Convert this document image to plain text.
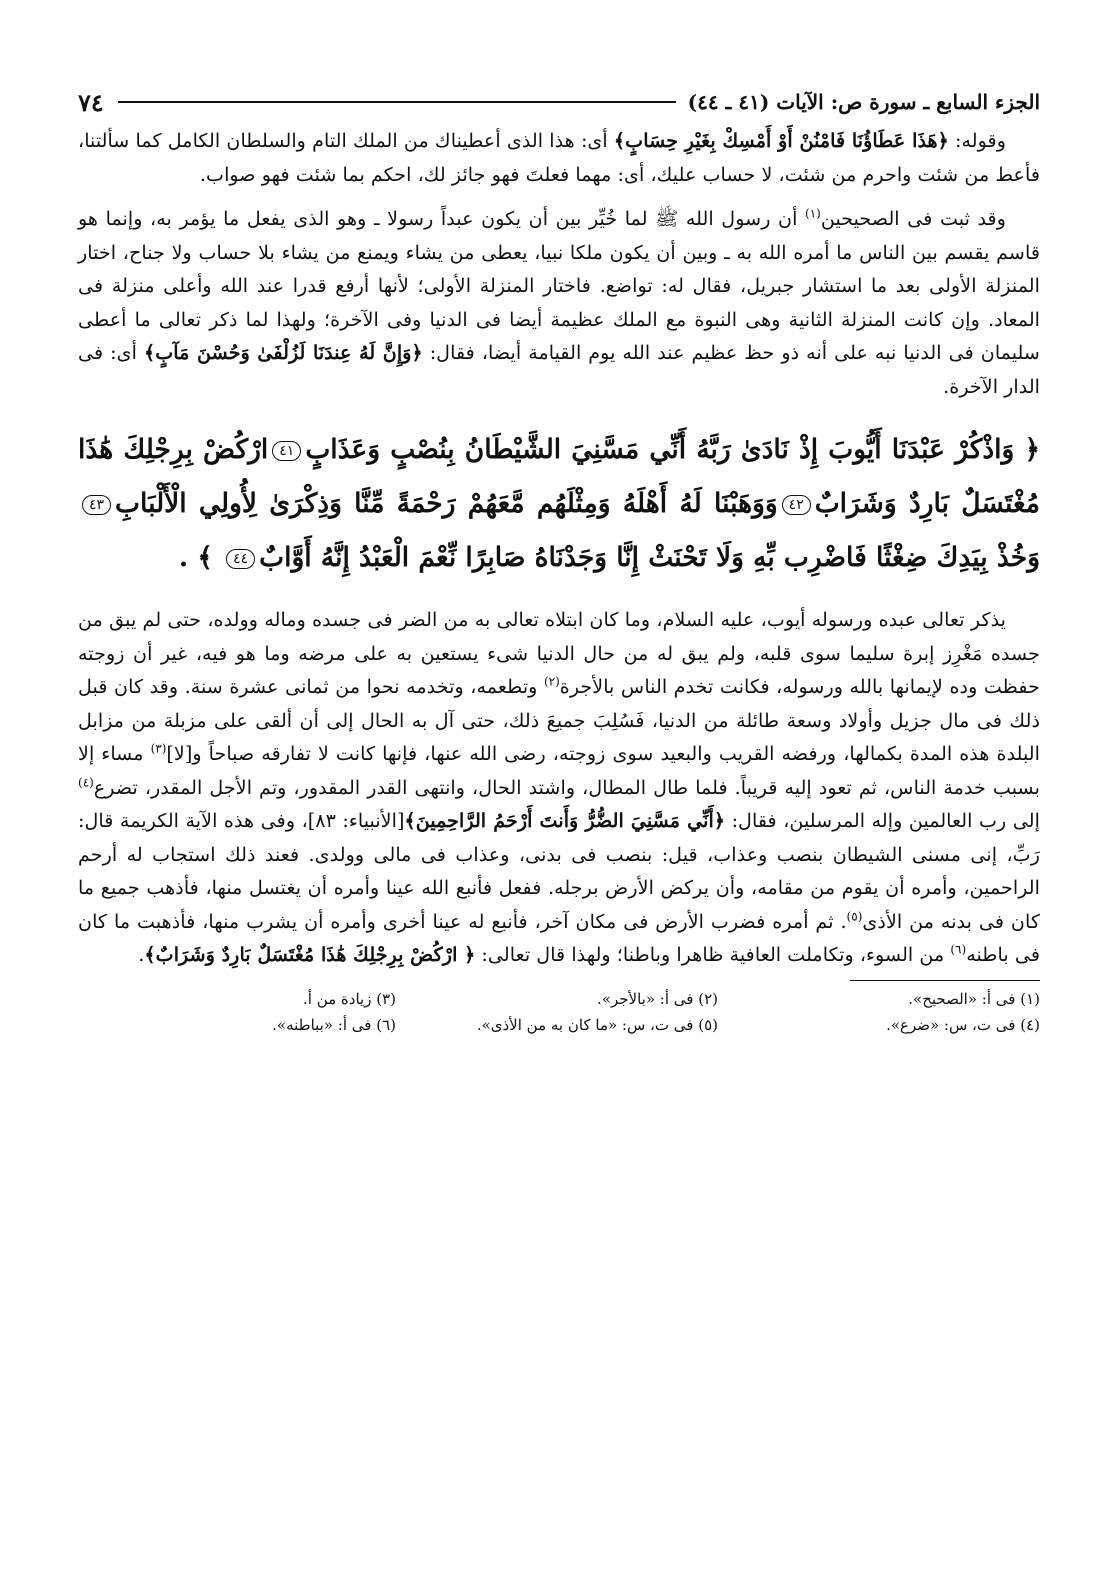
٧٤	الجزء السابع ـ سورة ص: الآيات (٤١ ـ ٤٤)

وقوله: ﴿هَذَا عَطَاؤُنَا فَامْنُنْ أَوْ أَمْسِكْ بِغَيْرِ حِسَابٍ﴾ أى: هذا الذى أعطيناك من الملك التام والسلطان الكامل كما سألتنا، فأعط من شئت واحرم من شئت، لا حساب عليك، أى: مهما فعلتَ فهو جائز لك، احكم بما شئت فهو صواب.

وقد ثبت فى الصحيحين$^{(١)}$ أن رسول الله ﷺ لما خُيِّر بين أن يكون عبداً رسولا ـ وهو الذى يفعل ما يؤمر به، وإنما هو قاسم يقسم بين الناس ما أمره الله به ـ وبين أن يكون ملكا نبيا، يعطى من يشاء ويمنع من يشاء بلا حساب ولا جناح، اختار المنزلة الأولى بعد ما استشار جبريل، فقال له: تواضع. فاختار المنزلة الأولى؛ لأنها أرفع قدرا عند الله وأعلى منزلة فى المعاد. وإن كانت المنزلة الثانية وهى النبوة مع الملك عظيمة أيضا فى الدنيا وفى الآخرة؛ ولهذا لما ذكر تعالى ما أعطى سليمان فى الدنيا نبه على أنه ذو حظ عظيم عند الله يوم القيامة أيضا، فقال: ﴿وَإِنَّ لَهُ عِندَنَا لَزُلْفَىٰ وَحُسْنَ مَآبٍ﴾ أى: فى الدار الآخرة.

﴿ وَاذْكُرْ عَبْدَنَا أَيُّوبَ إِذْ نَادَىٰ رَبَّهُ أَنِّي مَسَّنِيَ الشَّيْطَانُ بِنُصْبٍ وَعَذَابٍ٤١ارْكُضْ بِرِجْلِكَ هَٰذَا مُغْتَسَلٌ بَارِدٌ وَشَرَابٌ٤٢وَوَهَبْنَا لَهُ أَهْلَهُ وَمِثْلَهُم مَّعَهُمْ رَحْمَةً مِّنَّا وَذِكْرَىٰ لِأُولِي الْأَلْبَابِ٤٣وَخُذْ بِيَدِكَ ضِغْثًا فَاضْرِب بِّهِ وَلَا تَحْنَثْ إِنَّا وَجَدْنَاهُ صَابِرًا نِّعْمَ الْعَبْدُ إِنَّهُ أَوَّابٌ٤٤ ﴾ .

يذكر تعالى عبده ورسوله أيوب، عليه السلام، وما كان ابتلاه تعالى به من الضر فى جسده وماله وولده، حتى لم يبق من جسده مَغْرِز إبرة سليما سوى قلبه، ولم يبق له من حال الدنيا شىء يستعين به على مرضه وما هو فيه، غير أن زوجته حفظت وده لإيمانها بالله ورسوله، فكانت تخدم الناس بالأجرة$^{(٢)}$ وتطعمه، وتخدمه نحوا من ثمانى عشرة سنة. وقد كان قبل ذلك فى مال جزيل وأولاد وسعة طائلة من الدنيا، فَسُلِبَ جميعَ ذلك، حتى آل به الحال إلى أن ألقى على مزبلة من مزابل البلدة هذه المدة بكمالها، ورفضه القريب والبعيد سوى زوجته، رضى الله عنها، فإنها كانت لا تفارقه صباحاً و[لا]$^{(٣)}$ مساء إلا بسبب خدمة الناس، ثم تعود إليه قريباً. فلما طال المطال، واشتد الحال، وانتهى القدر المقدور، وتم الأجل المقدر، تضرع$^{(٤)}$ إلى رب العالمين وإله المرسلين، فقال: ﴿أَنِّي مَسَّنِيَ الضُّرُّ وَأَنتَ أَرْحَمُ الرَّاحِمِينَ﴾[الأنبياء: ٨٣]، وفى هذه الآية الكريمة قال: رَبِّ، إنى مسنى الشيطان بنصب وعذاب، قيل: بنصب فى بدنى، وعذاب فى مالى وولدى. فعند ذلك استجاب له أرحم الراحمين، وأمره أن يقوم من مقامه، وأن يركض الأرض برجله. ففعل فأنبع الله عينا وأمره أن يغتسل منها، فأذهب جميع ما كان فى بدنه من الأذى$^{(٥)}$. ثم أمره فضرب الأرض فى مكان آخر، فأنبع له عينا أخرى وأمره أن يشرب منها، فأذهبت ما كان فى باطنه$^{(٦)}$ من السوء، وتكاملت العافية ظاهرا وباطنا؛ ولهذا قال تعالى: ﴿ ارْكُضْ بِرِجْلِكَ هَٰذَا مُغْتَسَلٌ بَارِدٌ وَشَرَابٌ﴾.

(١) فى أ: «الصحيح».
(٢) فى أ: «بالأجر».
(٣) زيادة من أ.
(٤) فى ت، س: «ضرع».
(٥) فى ت، س: «ما كان به من الأذى».
(٦) فى أ: «بباطنه».
